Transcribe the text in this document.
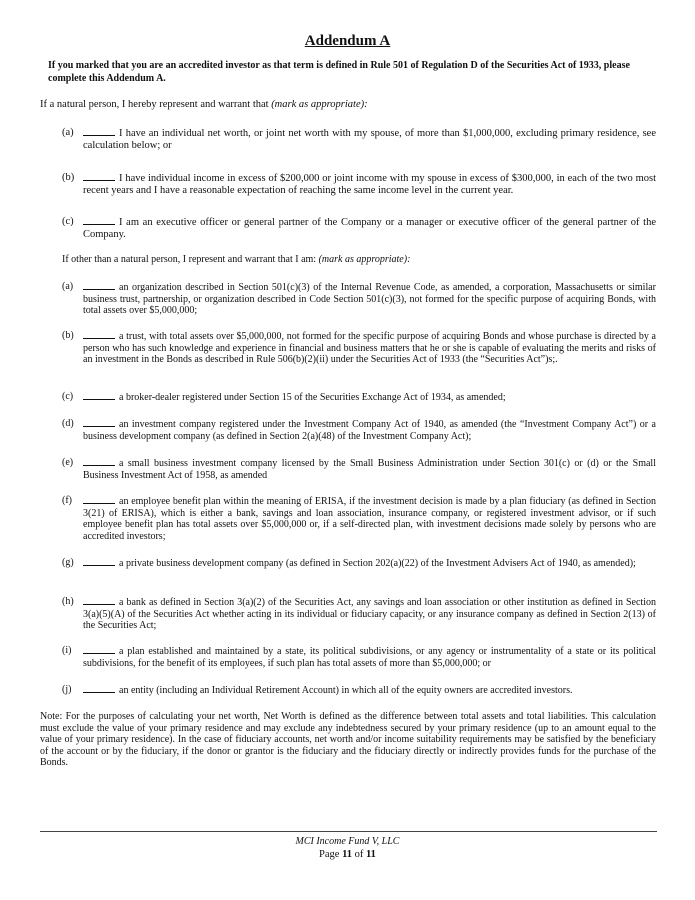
Addendum A
If you marked that you are an accredited investor as that term is defined in Rule 501 of Regulation D of the Securities Act of 1933, please complete this Addendum A.
If a natural person, I hereby represent and warrant that (mark as appropriate):
(a)	I have an individual net worth, or joint net worth with my spouse, of more than $1,000,000, excluding primary residence, see calculation below; or
(b)	I have individual income in excess of $200,000 or joint income with my spouse in excess of $300,000, in each of the two most recent years and I have a reasonable expectation of reaching the same income level in the current year.
(c)	I am an executive officer or general partner of the Company or a manager or executive officer of the general partner of the Company.
If other than a natural person, I represent and warrant that I am: (mark as appropriate):
(a)	an organization described in Section 501(c)(3) of the Internal Revenue Code, as amended, a corporation, Massachusetts or similar business trust, partnership, or organization described in Code Section 501(c)(3), not formed for the specific purpose of acquiring Bonds, with total assets over $5,000,000;
(b)	a trust, with total assets over $5,000,000, not formed for the specific purpose of acquiring Bonds and whose purchase is directed by a person who has such knowledge and experience in financial and business matters that he or she is capable of evaluating the merits and risks of an investment in the Bonds as described in Rule 506(b)(2)(ii) under the Securities Act of 1933 (the “Securities Act”)s;.
(c)	a broker-dealer registered under Section 15 of the Securities Exchange Act of 1934, as amended;
(d)	an investment company registered under the Investment Company Act of 1940, as amended (the “Investment Company Act”) or a business development company (as defined in Section 2(a)(48) of the Investment Company Act);
(e)	a small business investment company licensed by the Small Business Administration under Section 301(c) or (d) or the Small Business Investment Act of 1958, as amended
(f)	an employee benefit plan within the meaning of ERISA, if the investment decision is made by a plan fiduciary (as defined in Section 3(21) of ERISA), which is either a bank, savings and loan association, insurance company, or registered investment advisor, or if such employee benefit plan has total assets over $5,000,000 or, if a self-directed plan, with investment decisions made solely by persons who are accredited investors;
(g)	a private business development company (as defined in Section 202(a)(22) of the Investment Advisers Act of 1940, as amended);
(h)	a bank as defined in Section 3(a)(2) of the Securities Act, any savings and loan association or other institution as defined in Section 3(a)(5)(A) of the Securities Act whether acting in its individual or fiduciary capacity, or any insurance company as defined in Section 2(13) of the Securities Act;
(i)	a plan established and maintained by a state, its political subdivisions, or any agency or instrumentality of a state or its political subdivisions, for the benefit of its employees, if such plan has total assets of more than $5,000,000; or
(j)	an entity (including an Individual Retirement Account) in which all of the equity owners are accredited investors.
Note: For the purposes of calculating your net worth, Net Worth is defined as the difference between total assets and total liabilities. This calculation must exclude the value of your primary residence and may exclude any indebtedness secured by your primary residence (up to an amount equal to the value of your primary residence). In the case of fiduciary accounts, net worth and/or income suitability requirements may be satisfied by the beneficiary of the account or by the fiduciary, if the donor or grantor is the fiduciary and the fiduciary directly or indirectly provides funds for the purchase of the Bonds.
MCI Income Fund V, LLC
Page 11 of 11
